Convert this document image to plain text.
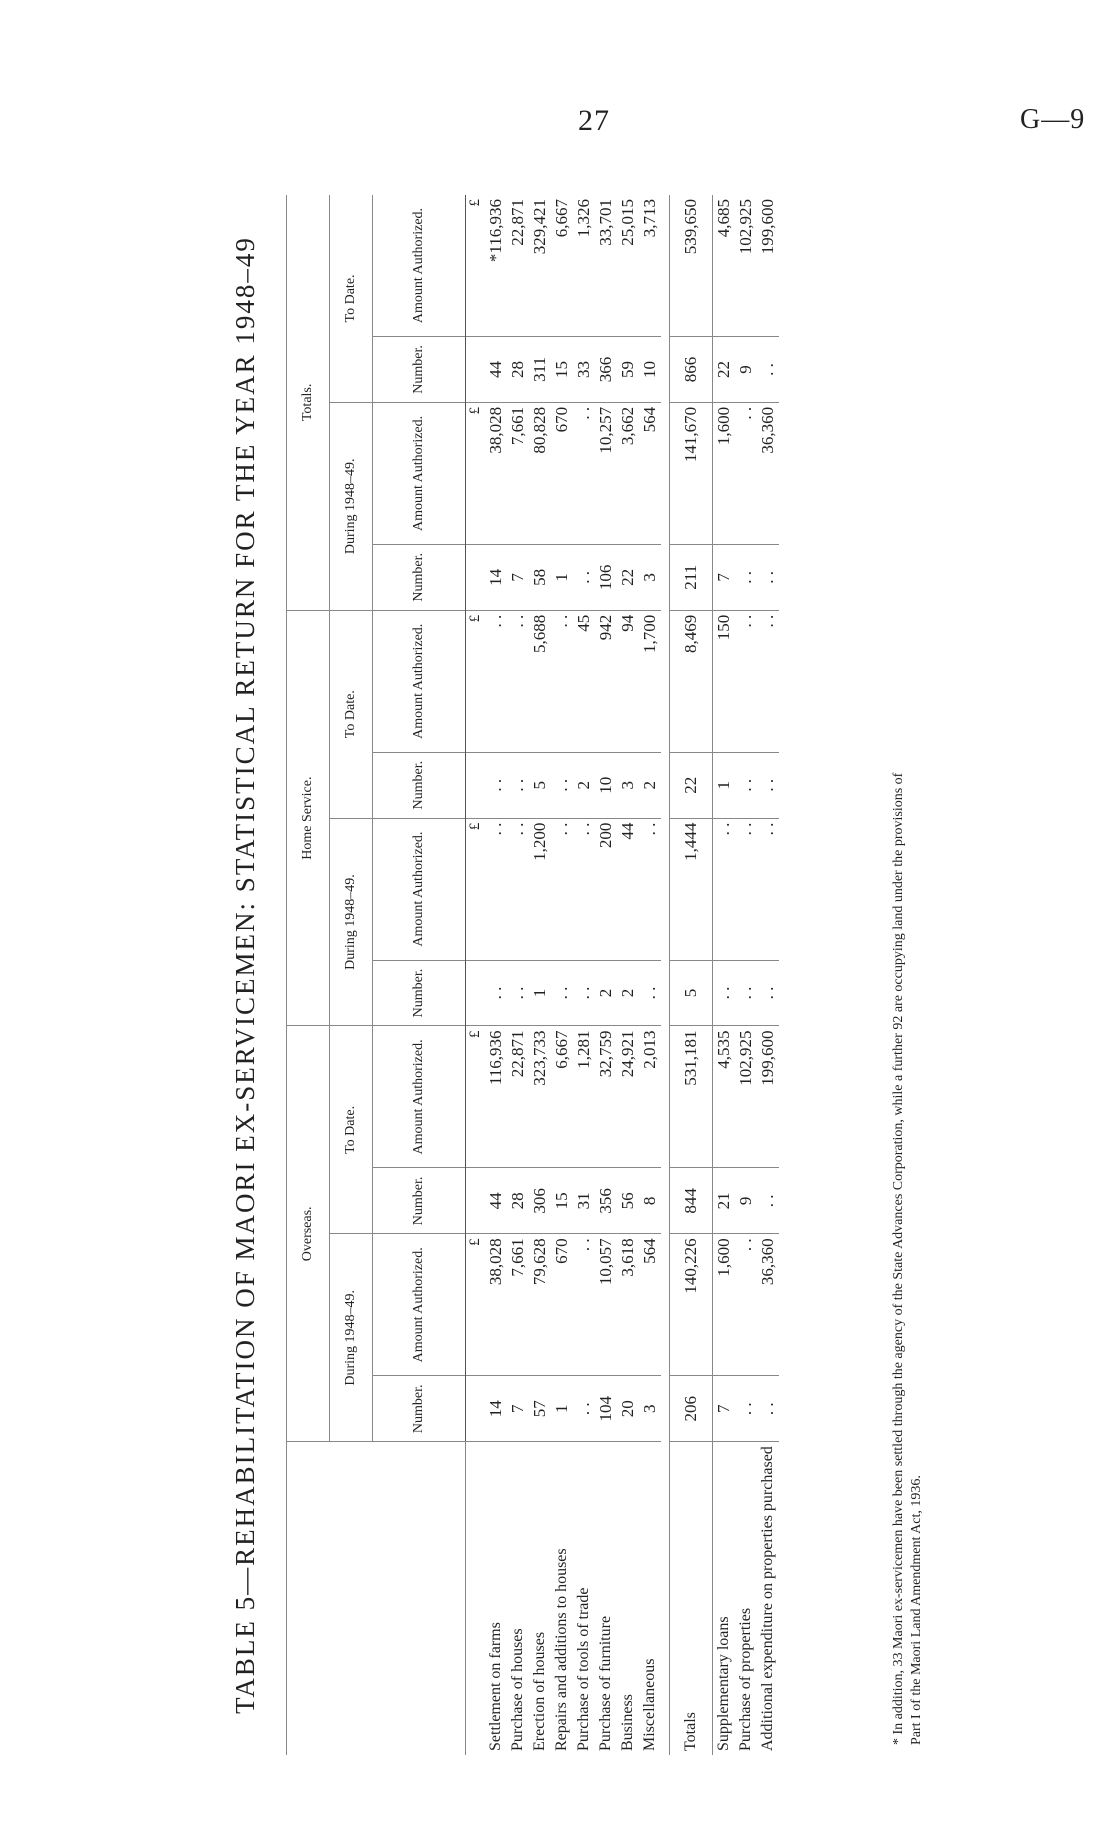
27	G—9
TABLE 5—REHABILITATION OF MAORI EX-SERVICEMEN: STATISTICAL RETURN FOR THE YEAR 1948–49
		Overseas.				Home Service.				Totals.			
	During 1948–49.		To Date.		During 1948–49.		To Date.		During 1948–49.		To Date.	
	Number.	Amount Authorized.	Number.	Amount Authorized.	Number.	Amount Authorized.	Number.	Amount Authorized.	Number.	Amount Authorized.	Number.	Amount Authorized.
		£		£		£		£		£		£
Settlement on farms	14	38,028	44	116,936	. .	. .	. .	. .	14	38,028	44	*116,936
Purchase of houses	7	7,661	28	22,871	. .	. .	. .	. .	7	7,661	28	22,871
Erection of houses	57	79,628	306	323,733	1	1,200	5	5,688	58	80,828	311	329,421
Repairs and additions to houses	1	670	15	6,667	. .	. .	. .	. .	1	670	15	6,667
Purchase of tools of trade	. .	. .	31	1,281	. .	. .	2	45	. .	. .	33	1,326
Purchase of furniture	104	10,057	356	32,759	2	200	10	942	106	10,257	366	33,701
Business	20	3,618	56	24,921	2	44	3	94	22	3,662	59	25,015
Miscellaneous	3	564	8	2,013	. .	. .	2	1,700	3	564	10	3,713

Totals	206	140,226	844	531,181	5	1,444	22	8,469	211	141,670	866	539,650
Supplementary loans	7	1,600	21	4,535	. .	. .	1	150	7	1,600	22	4,685
Purchase of properties	. .	. .	9	102,925	. .	. .	. .	. .	. .	. .	9	102,925
Additional expenditure on properties purchased	. .	36,360	. .	199,600	. .	. .	. .	. .	. .	36,360	. .	199,600
* In addition, 33 Maori ex-servicemen have been settled through the agency of the State Advances Corporation, while a further 92 are occupying land under the provisions of Part I of the Maori Land Amendment Act, 1936.
